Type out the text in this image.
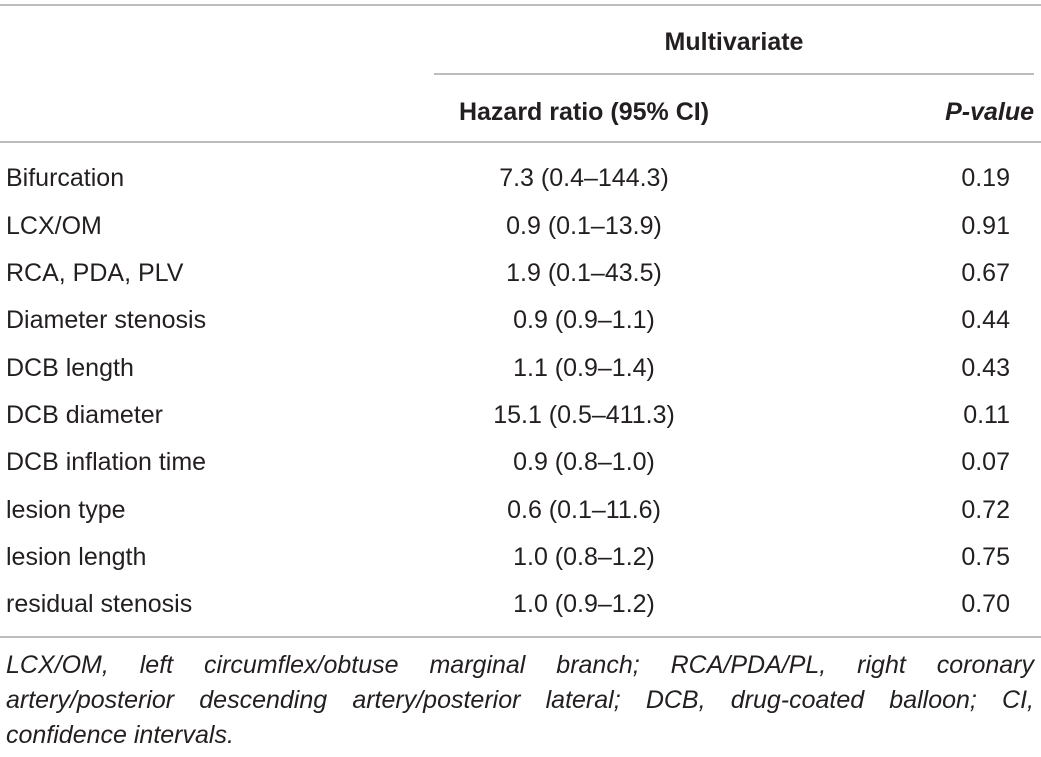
Multivariate
Hazard ratio (95% CI)	P-value
Bifurcation	7.3 (0.4–144.3)	0.19
LCX/OM	0.9 (0.1–13.9)	0.91
RCA, PDA, PLV	1.9 (0.1–43.5)	0.67
Diameter stenosis	0.9 (0.9–1.1)	0.44
DCB length	1.1 (0.9–1.4)	0.43
DCB diameter	15.1 (0.5–411.3)	0.11
DCB inflation time	0.9 (0.8–1.0)	0.07
lesion type	0.6 (0.1–11.6)	0.72
lesion length	1.0 (0.8–1.2)	0.75
residual stenosis	1.0 (0.9–1.2)	0.70
LCX/OM, left circumflex/obtuse marginal branch; RCA/PDA/PL, right coronary artery/posterior descending artery/posterior lateral; DCB, drug-coated balloon; CI, confidence intervals.
